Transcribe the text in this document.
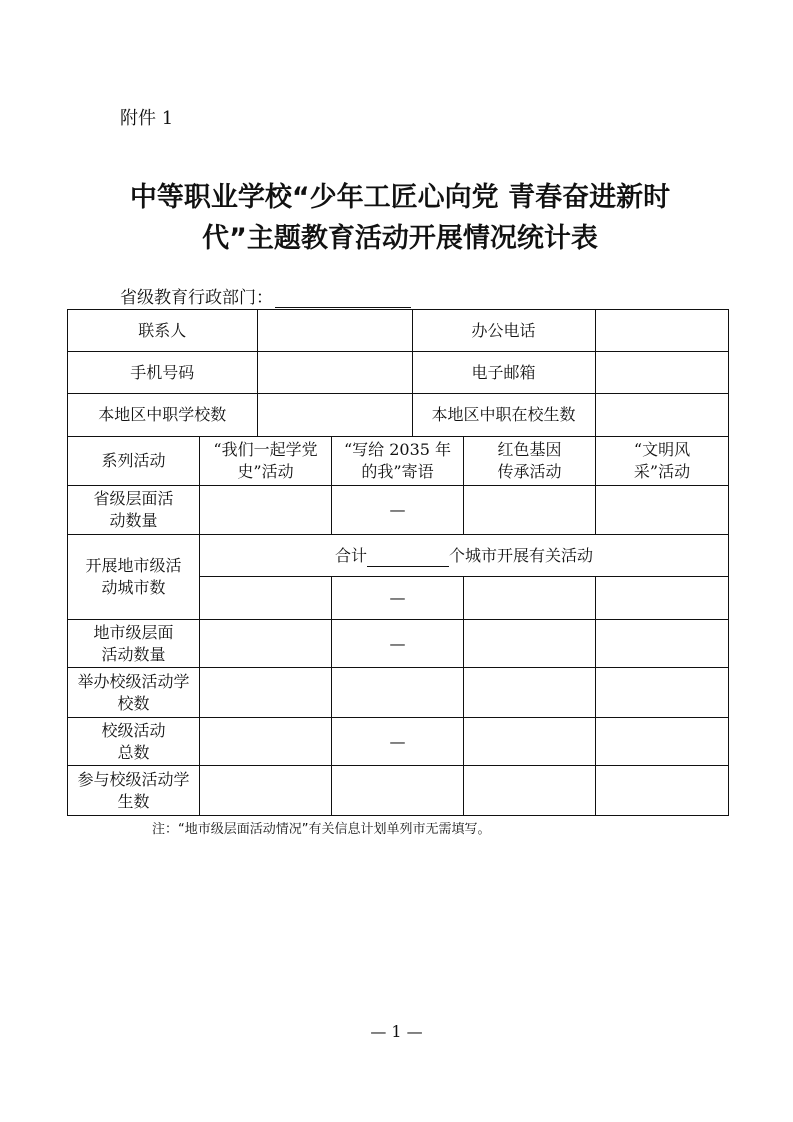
附件 1
中等职业学校“少年工匠心向党 青春奋进新时
代”主题教育活动开展情况统计表
省级教育行政部门：
联系人		办公电话	

手机号码		电子邮箱	

本地区中职学校数		本地区中职在校生数	

系列活动	“我们一起学党史”活动	“写给 2035 年的我”寄语	红色基因传承活动	“文明风采”活动
省级层面活动数量		—		
开展地市级活动城市数	合计	个城市开展有关活动
	—		
地市级层面活动数量		—		
举办校级活动学校数				
校级活动总数		—		
参与校级活动学生数				
注：“地市级层面活动情况”有关信息计划单列市无需填写。
— 1 —
